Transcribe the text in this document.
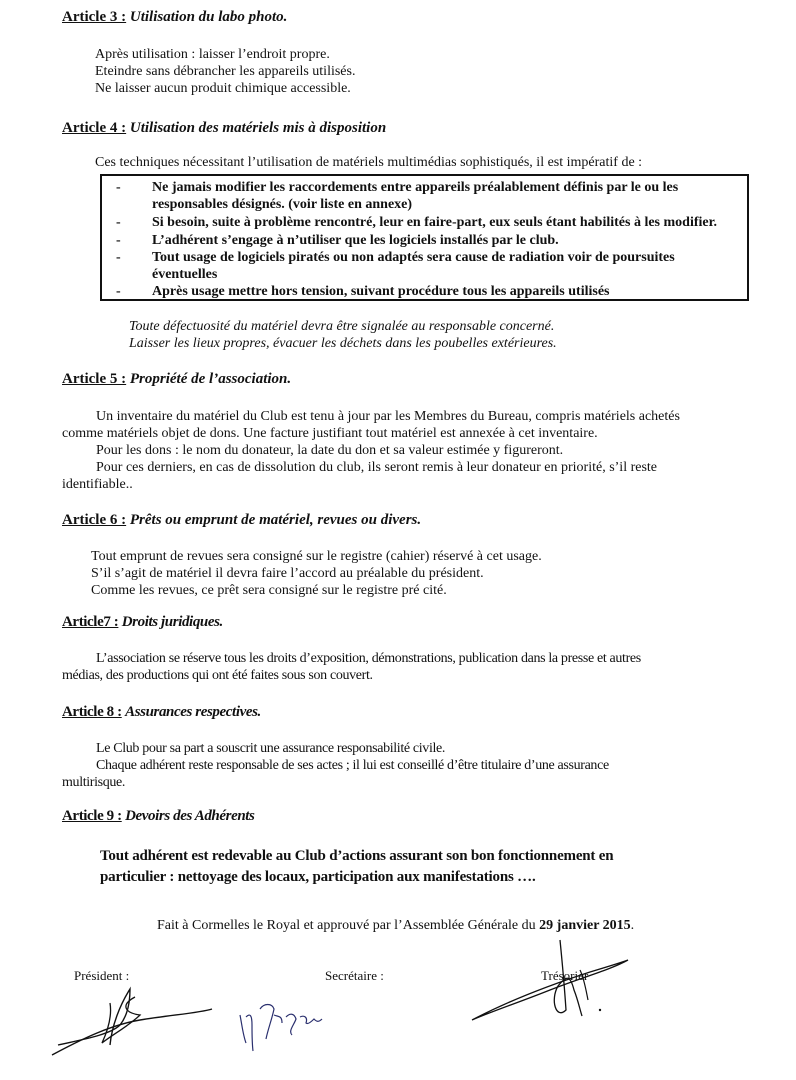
Article 3 : Utilisation du labo photo.
Après utilisation : laisser l’endroit propre.
Eteindre sans débrancher les appareils utilisés.
Ne laisser aucun produit chimique accessible.
Article 4 : Utilisation des matériels mis à disposition
Ces techniques nécessitant l’utilisation de matériels multimédias sophistiqués, il est impératif de :
- Ne jamais modifier les raccordements entre appareils préalablement définis par le ou les
responsables désignés. (voir liste en annexe)
- Si besoin, suite à problème rencontré, leur en faire-part, eux seuls étant habilités à les modifier.
- L’adhérent s’engage à n’utiliser que les logiciels installés par le club.
- Tout usage de logiciels piratés ou non adaptés sera cause de radiation voir de poursuites
éventuelles
- Après usage mettre hors tension, suivant procédure tous les appareils utilisés
Toute défectuosité du matériel devra être signalée au responsable concerné.
Laisser les lieux propres, évacuer les déchets dans les poubelles extérieures.
Article 5 : Propriété de l’association.
Un inventaire du matériel du Club est tenu à jour par les Membres du Bureau, compris matériels achetés
comme matériels objet de dons. Une facture justifiant tout matériel est annexée à cet inventaire.
Pour les dons : le nom du donateur, la date du don et sa valeur estimée y figureront.
Pour ces derniers, en cas de dissolution du club, ils seront remis à leur donateur en priorité, s’il reste
identifiable..
Article 6 : Prêts ou emprunt de matériel, revues ou divers.
Tout emprunt de revues sera consigné sur le registre (cahier) réservé à cet usage.
S’il s’agit de matériel il devra faire l’accord au préalable du président.
Comme les revues, ce prêt sera consigné sur le registre pré cité.
Article7 : Droits juridiques.
L’association se réserve tous les droits d’exposition, démonstrations, publication dans la presse et autres
médias, des productions qui ont été faites sous son couvert.
Article 8 : Assurances respectives.
Le Club pour sa part a souscrit une assurance responsabilité civile.
Chaque adhérent reste responsable de ses actes ; il lui est conseillé d’être titulaire d’une assurance
multirisque.
Article 9 : Devoirs des Adhérents
Tout adhérent est redevable au Club d’actions assurant son bon fonctionnement en
particulier : nettoyage des locaux, participation aux manifestations ….
Fait à Cormelles le Royal et approuvé par l’Assemblée Générale du 29 janvier 2015.
Président :	Secrétaire :	Trésorier
